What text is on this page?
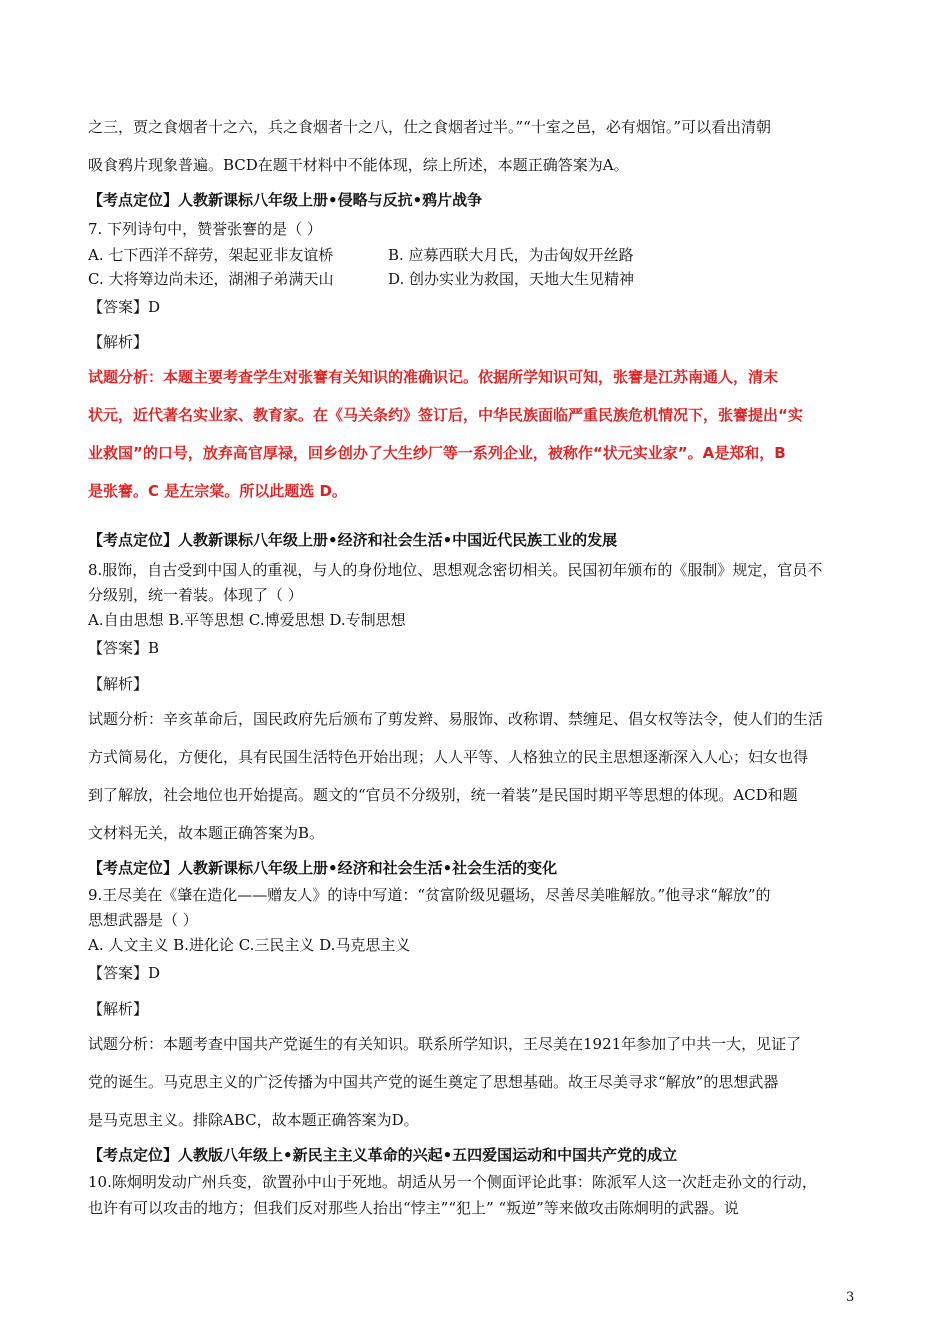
之三，贾之食烟者十之六，兵之食烟者十之八，仕之食烟者过半。”“十室之邑，必有烟馆。”可以看出清朝
吸食鸦片现象普遍。BCD在题干材料中不能体现，综上所述，本题正确答案为A。
【考点定位】人教新课标八年级上册•侵略与反抗•鸦片战争
7. 下列诗句中，赞誉张謇的是（ ）
A. 七下西洋不辞劳，架起亚非友谊桥	B. 应募西联大月氏，为击匈奴开丝路
C. 大将筹边尚未还，湖湘子弟满天山	D. 创办实业为救国，天地大生见精神
【答案】D
【解析】
试题分析：本题主要考查学生对张謇有关知识的准确识记。依据所学知识可知，张謇是江苏南通人，清末
状元，近代著名实业家、教育家。在《马关条约》签订后，中华民族面临严重民族危机情况下，张謇提出“实
业救国”的口号，放弃高官厚禄，回乡创办了大生纱厂等一系列企业，被称作“状元实业家”。A是郑和，B
是张謇。C 是左宗棠。所以此题选 D。
【考点定位】人教新课标八年级上册•经济和社会生活•中国近代民族工业的发展
8.服饰，自古受到中国人的重视，与人的身份地位、思想观念密切相关。民国初年颁布的《服制》规定，官员不
分级别，统一着装。体现了（ ）
A.自由思想 B.平等思想 C.博爱思想 D.专制思想
【答案】B
【解析】
试题分析：辛亥革命后，国民政府先后颁布了剪发辫、易服饰、改称谓、禁缠足、倡女权等法令，使人们的生活
方式简易化，方便化，具有民国生活特色开始出现；人人平等、人格独立的民主思想逐渐深入人心；妇女也得
到了解放，社会地位也开始提高。题文的“官员不分级别，统一着装”是民国时期平等思想的体现。ACD和题
文材料无关，故本题正确答案为B。
【考点定位】人教新课标八年级上册•经济和社会生活•社会生活的变化
9.王尽美在《肇在造化——赠友人》的诗中写道：“贫富阶级见疆场，尽善尽美唯解放。”他寻求“解放”的
思想武器是（ ）
A. 人文主义 B.进化论 C.三民主义 D.马克思主义
【答案】D
【解析】
试题分析：本题考查中国共产党诞生的有关知识。联系所学知识，王尽美在1921年参加了中共一大，见证了
党的诞生。马克思主义的广泛传播为中国共产党的诞生奠定了思想基础。故王尽美寻求“解放”的思想武器
是马克思主义。排除ABC，故本题正确答案为D。
【考点定位】人教版八年级上•新民主主义革命的兴起•五四爱国运动和中国共产党的成立
10.陈炯明发动广州兵变，欲置孙中山于死地。胡适从另一个侧面评论此事：陈派军人这一次赶走孙文的行动，
也许有可以攻击的地方；但我们反对那些人抬出“悖主”“犯上” “叛逆”等来做攻击陈炯明的武器。说
3
